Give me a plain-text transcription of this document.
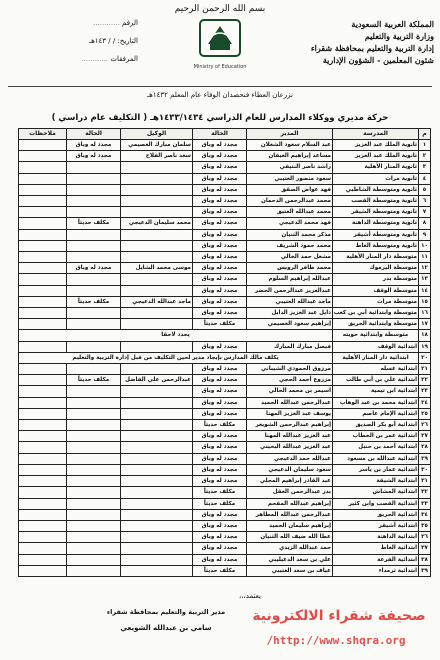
بسم الله الرحمن الرحيم
Ministry of Education
المملكة العربية السعودية
وزارة التربية والتعليم
إدارة التربية والتعليم بمحافظة شقراء
شئون المعلمين - الشؤون الإدارية
الرقم ............
التاريخ: / / ١٤٣هـ
المرفقات ............
نزرعان العطاء فنحصدان الوفاء عام المعلم ١٤٣٢هـ
حركة مديري ووكلاء المدارس للعام الدراسي ١٤٣٣/١٤٣٤هـ ( التكليف عام دراسي )
م	المدرسة	المدير	الحالة	الوكيل	الحالة	ملاحظات
١	ثانوية الملك عبد العزيز	عبد السلام سعود الشعلان	مجدد له وباق	سلمان مبارك العصيمي	مجدد له وباق	
٢	ثانوية الملك عبد العزيز	مساعد إبراهيم العيفان	مجدد له وباق	سعد ناصر الفلاح	مجدد له وباق	
٣	ثانوية المنار الأهلية	راشد ناصر النتيفي	مجدد له وباق			
٤	ثانوية مرات	سعود منصور العتيبي	مجدد له وباق			
٥	ثانوية ومتوسطة الشاطبي	فهد عواض الصقق	مجدد له وباق			
٦	ثانوية ومتوسطة القصب	محمد عبدالرحمن الدحمان	مجدد له وباق			
٧	ثانوية ومتوسطة الشيقر	محمد عبدالله العتيق	مجدد له وباق			
٨	ثانوية ومتوسطة الداهنة	فهد محمد الدعيجي	مجدد له وباق	محمد سليمان الدعيجي	مكلف حديثاً	
٩	ثانوية ومتوسطة أشيقر	مذكر محمد الثنيان	مجدد له وباق			
١٠	ثانوية ومتوسطة الغاط	محمد حمود الشريف	مجدد له وباق			
١١	متوسطة دار المنار الأهلية	مشعل حمد الخالي	مجدد له وباق			
١٢	متوسطة اليرموك	محمد ظافر الرويس	مجدد له وباق	موسى محمد الشايل	مجدد له وباق	
١٣	متوسطة بدر	عبدالله إبراهيم السلوم	مجدد له وباق			
١٤	متوسطة الوقف	عبدالعزيز عبدالرحمن الحضر	مجدد له وباق			
١٥	متوسطة مرات	ماجد عبدالله العتيبي	مجدد له وباق	ماجد عبدالله الدعيجي	مكلف حديثاً	
١٦	متوسطة وابتدائية أبي بن كعب	دايل عبد العزيز الدايل	مجدد له وباق			
١٧	متوسطة وابتدائية الحريق	إبراهيم سعود العصيمي	مكلف حديثاً			
١٨	متوسطة وابتدائية حويته	يحدد لاحقا				
١٩	ابتدائية الوقف	فيصل مبارك المبارك	مجدد له وباق			
٢٠	ابتدائية دار المنار الأهلية	يكلف مالك المدارس بإيجاد مدير لحين التكليف من قبل إدارة التربية والتعليم				
٢١	ابتدائية غسله	مرزوق الحمودي الشيباني	مجدد له وباق			
٢٢	ابتدائية علي بن أبي طالب	مزروع أحمد الحجي	مجدد له وباق	عبدالرحمن علي الفاضل	مكلف حديثاً	
٢٣	ابتدائية ابن تيمية	اسيمر بن محمد الحالي	مجدد له وباق			
٢٤	ابتدائية محمد بن عبد الوهاب	عبدالرحمن عبدالله الحميد	مجدد له وباق			
٢٥	ابتدائية الإمام عاصم	يوسف عبد العزيز المهنا	مجدد له وباق			
٢٦	ابتدائية أبو بكر الصديق	إبراهيم عبدالرحمن الشويعر	مكلف حديثاً			
٢٧	ابتدائية عمر بن الخطاب	عبد العزيز عبدالله المهنا	مجدد له وباق			
٢٨	ابتدائية أحمد بن حنبل	عبد العزيز عبدالله البخيتي	مجدد له وباق			
٢٩	ابتدائية عبدالله بن مسعود	عبدالله حمد الدعيجي	مجدد له وباق			
٣٠	ابتدائية عمار بن ياسر	سعود سليمان الدعيجي	مجدد له وباق			
٣١	ابتدائية الشيقة	عبد القادر إبراهيم المجلي	مجدد له وباق			
٣٢	ابتدائية المشاش	بدر عبدالرحمن العقل	مكلف حديثاً			
٣٣	ابتدائية القصب وابن كثير	إبراهيم عبدالله المقحم	مكلف حديثاً			
٣٤	ابتدائية الحريق	عبدالرحمن عبدالله المطاهر	مجدد له وباق			
٣٥	ابتدائية أشيقر	إبراهيم سليمان الحميد	مجدد له وباق			
٣٦	ابتدائية الداهنة	عطا الله ضيف الله الثنيان	مجدد له وباق			
٣٧	ابتدائية الغاط	حمد عبدالله الزيدي	مجدد له وباق			
٣٨	ابتدائية الفرعة	علي بن سعد الدغيليبي	مجدد له وباق			
٣٩	ابتدائية ثرمداء	عياف بن سعد العتيبي	مكلف حديثاً			
يعتمد،،،
مدير التربية والتعليم بمحافظة شقراء
سامي بن عبدالله الشويعي
صحيفة شقراء الالكترونية
/http://www.shqra.org
